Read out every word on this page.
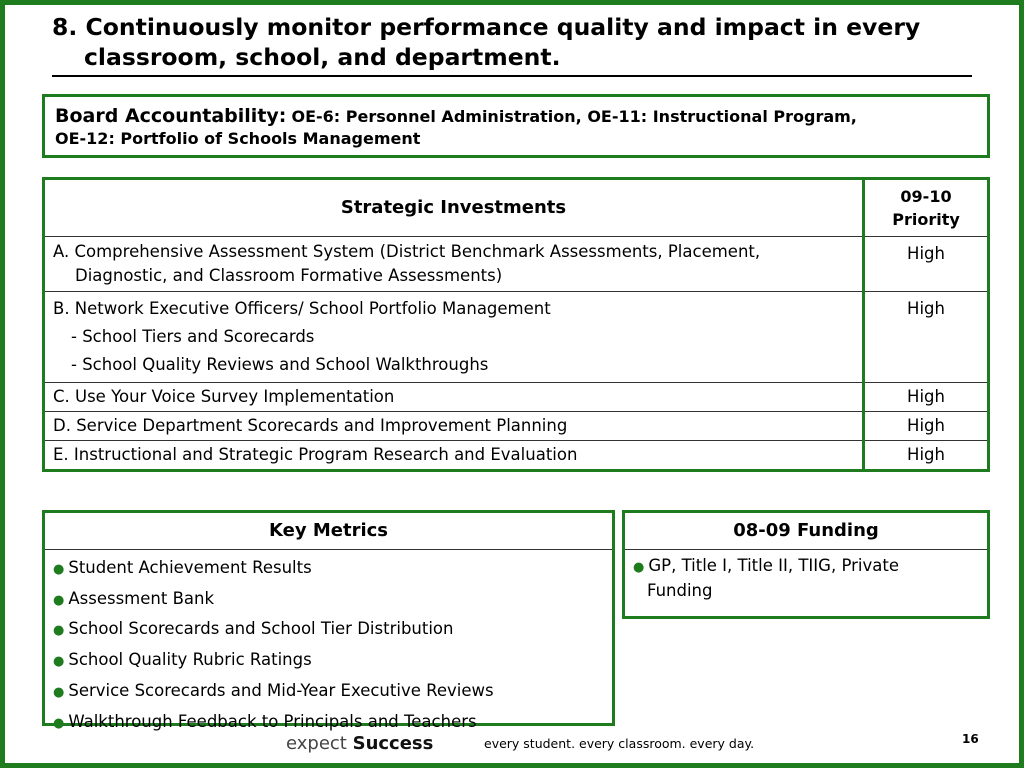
8. Continuously monitor performance quality and impact in every
classroom, school, and department.
Board Accountability: OE-6: Personnel Administration, OE-11: Instructional Program,
OE-12: Portfolio of Schools Management
Strategic Investments	09-10
Priority

A. Comprehensive Assessment System (District Benchmark Assessments, Placement,
Diagnostic, and Classroom Formative Assessments)	High

B. Network Executive Officers/ School Portfolio Management
- School Tiers and Scorecards
- School Quality Reviews and School Walkthroughs	High
C. Use Your Voice Survey Implementation	High
D. Service Department Scorecards and Improvement Planning	High
E. Instructional and Strategic Program Research and Evaluation	High
Key Metrics
● Student Achievement Results
● Assessment Bank
● School Scorecards and School Tier Distribution
● School Quality Rubric Ratings
● Service Scorecards and Mid-Year Executive Reviews
● Walkthrough Feedback to Principals and Teachers
08-09 Funding
● GP, Title I, Title II, TIIG, Private
Funding
expect Success	every student. every classroom. every day.	16
